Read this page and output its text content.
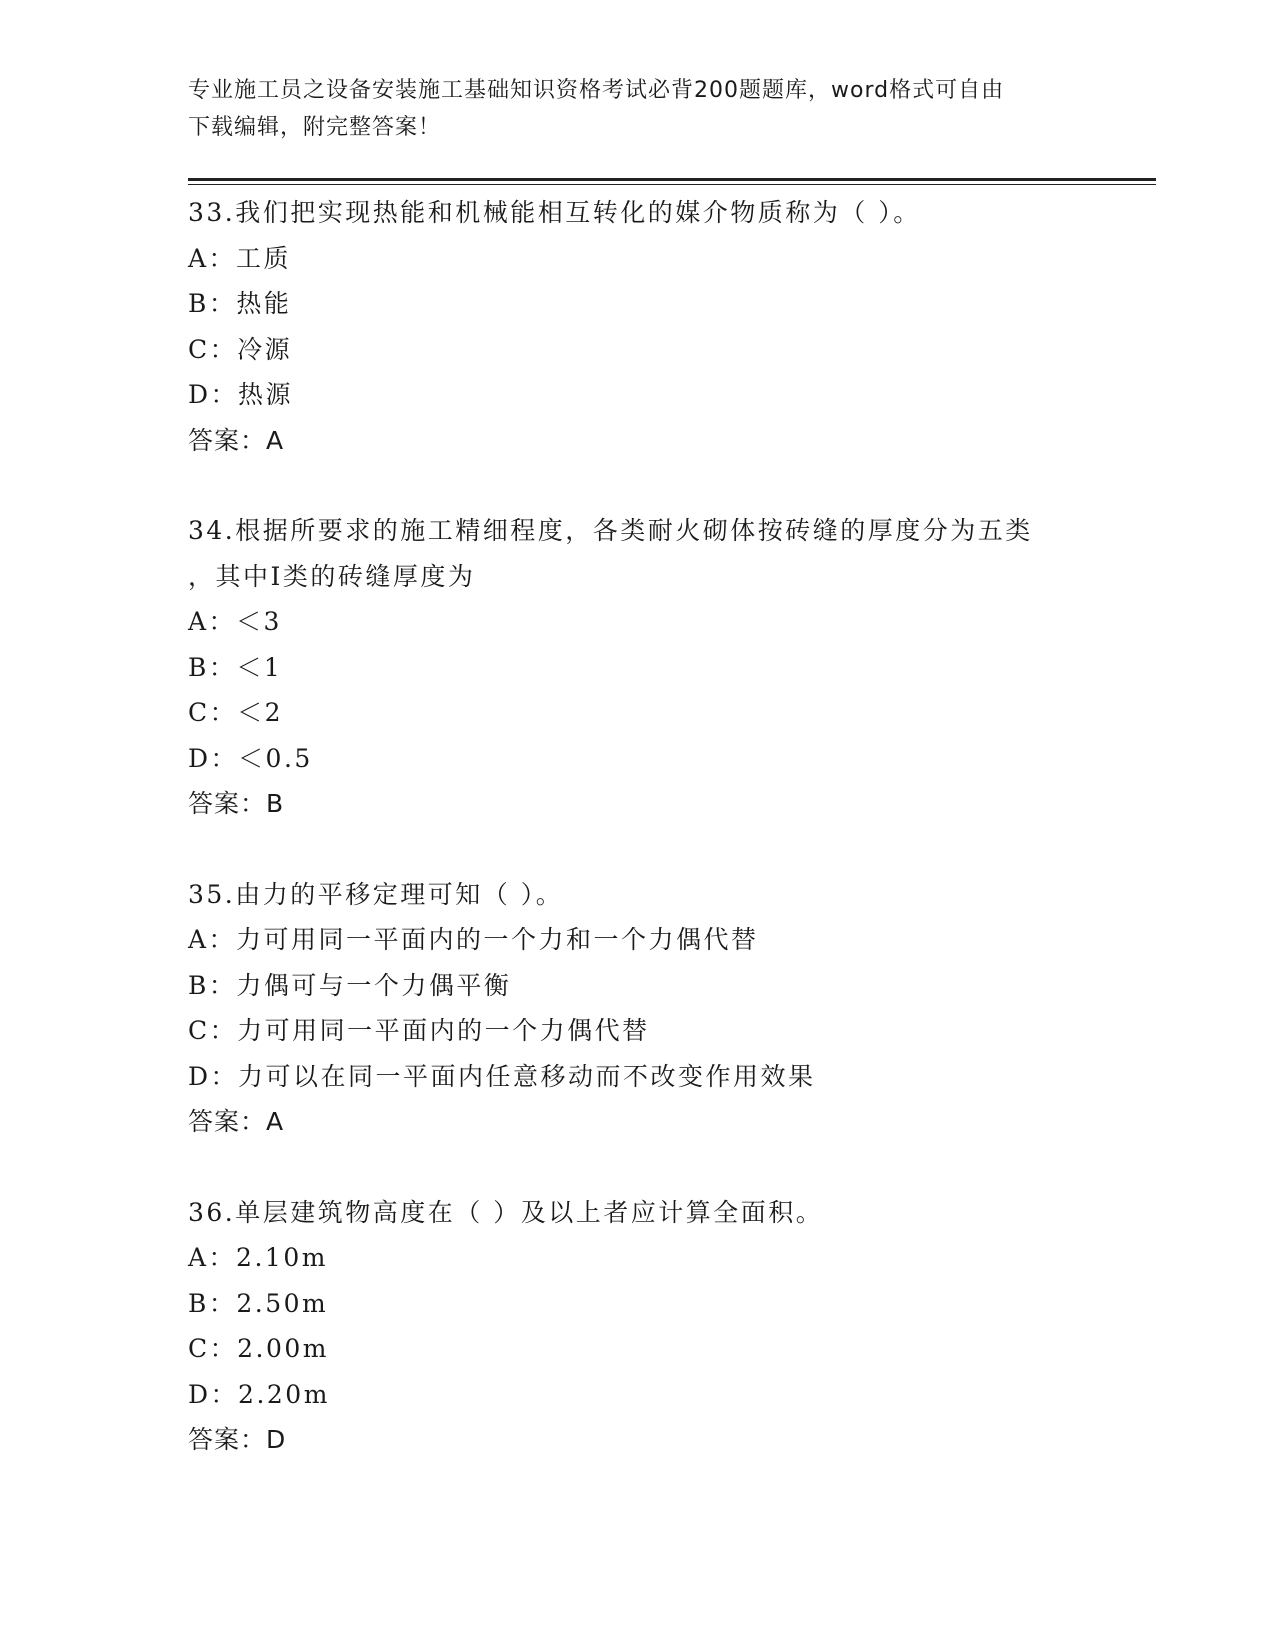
专业施工员之设备安装施工基础知识资格考试必背200题题库，word格式可自由
下载编辑，附完整答案！
33.我们把实现热能和机械能相互转化的媒介物质称为（ ）。
A：工质
B：热能
C：冷源
D：热源
答案：A
34.根据所要求的施工精细程度，各类耐火砌体按砖缝的厚度分为五类
，其中Ⅰ类的砖缝厚度为
A：＜3
B：＜1
C：＜2
D：＜0.5
答案：B
35.由力的平移定理可知（ ）。
A：力可用同一平面内的一个力和一个力偶代替
B：力偶可与一个力偶平衡
C：力可用同一平面内的一个力偶代替
D：力可以在同一平面内任意移动而不改变作用效果
答案：A
36.单层建筑物高度在（ ）及以上者应计算全面积。
A：2.10m
B：2.50m
C：2.00m
D：2.20m
答案：D
